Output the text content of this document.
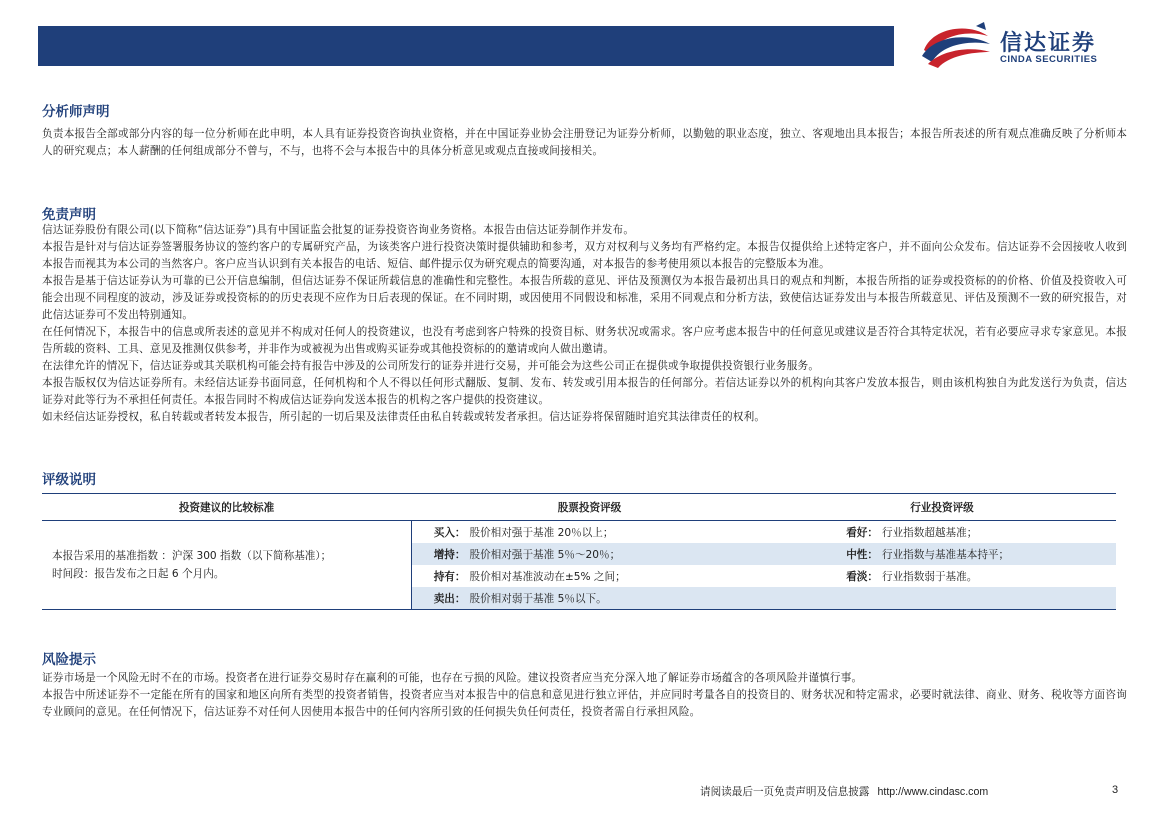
信达证券
CINDA SECURITIES
分析师声明

负责本报告全部或部分内容的每一位分析师在此申明，本人具有证券投资咨询执业资格，并在中国证券业协会注册登记为证券分析师，以勤勉的职业态度，独立、客观地出具本报告；本报告所表述的所有观点准确反映了分析师本人的研究观点；本人薪酬的任何组成部分不曾与，不与，也将不会与本报告中的具体分析意见或观点直接或间接相关。

免责声明

信达证券股份有限公司(以下简称“信达证券”)具有中国证监会批复的证券投资咨询业务资格。本报告由信达证券制作并发布。

本报告是针对与信达证券签署服务协议的签约客户的专属研究产品，为该类客户进行投资决策时提供辅助和参考，双方对权利与义务均有严格约定。本报告仅提供给上述特定客户，并不面向公众发布。信达证券不会因接收人收到本报告而视其为本公司的当然客户。客户应当认识到有关本报告的电话、短信、邮件提示仅为研究观点的简要沟通，对本报告的参考使用须以本报告的完整版本为准。

本报告是基于信达证券认为可靠的已公开信息编制，但信达证券不保证所载信息的准确性和完整性。本报告所载的意见、评估及预测仅为本报告最初出具日的观点和判断，本报告所指的证券或投资标的的价格、价值及投资收入可能会出现不同程度的波动，涉及证券或投资标的的历史表现不应作为日后表现的保证。在不同时期，或因使用不同假设和标准，采用不同观点和分析方法，致使信达证券发出与本报告所载意见、评估及预测不一致的研究报告，对此信达证券可不发出特别通知。

在任何情况下，本报告中的信息或所表述的意见并不构成对任何人的投资建议，也没有考虑到客户特殊的投资目标、财务状况或需求。客户应考虑本报告中的任何意见或建议是否符合其特定状况，若有必要应寻求专家意见。本报告所载的资料、工具、意见及推测仅供参考，并非作为或被视为出售或购买证券或其他投资标的的邀请或向人做出邀请。

在法律允许的情况下，信达证券或其关联机构可能会持有报告中涉及的公司所发行的证券并进行交易，并可能会为这些公司正在提供或争取提供投资银行业务服务。

本报告版权仅为信达证券所有。未经信达证券书面同意，任何机构和个人不得以任何形式翻版、复制、发布、转发或引用本报告的任何部分。若信达证券以外的机构向其客户发放本报告，则由该机构独自为此发送行为负责，信达证券对此等行为不承担任何责任。本报告同时不构成信达证券向发送本报告的机构之客户提供的投资建议。

如未经信达证券授权，私自转载或者转发本报告，所引起的一切后果及法律责任由私自转载或转发者承担。信达证券将保留随时追究其法律责任的权利。

评级说明
投资建议的比较标准	股票投资评级	行业投资评级

本报告采用的基准指数 ：沪深 300 指数（以下简称基准）；
时间段：报告发布之日起 6 个月内。	买入： 股价相对强于基准 20％以上；	看好： 行业指数超越基准；
	增持： 股价相对强于基准 5％～20％；	中性： 行业指数与基准基本持平；
	持有： 股价相对基准波动在±5% 之间；	看淡： 行业指数弱于基准。
	卖出： 股价相对弱于基准 5％以下。	
风险提示

证券市场是一个风险无时不在的市场。投资者在进行证券交易时存在赢利的可能，也存在亏损的风险。建议投资者应当充分深入地了解证券市场蕴含的各项风险并谨慎行事。

本报告中所述证券不一定能在所有的国家和地区向所有类型的投资者销售，投资者应当对本报告中的信息和意见进行独立评估，并应同时考量各自的投资目的、财务状况和特定需求，必要时就法律、商业、财务、税收等方面咨询专业顾问的意见。在任何情况下，信达证券不对任何人因使用本报告中的任何内容所引致的任何损失负任何责任，投资者需自行承担风险。

请阅读最后一页免责声明及信息披露 http://www.cindasc.com	3
